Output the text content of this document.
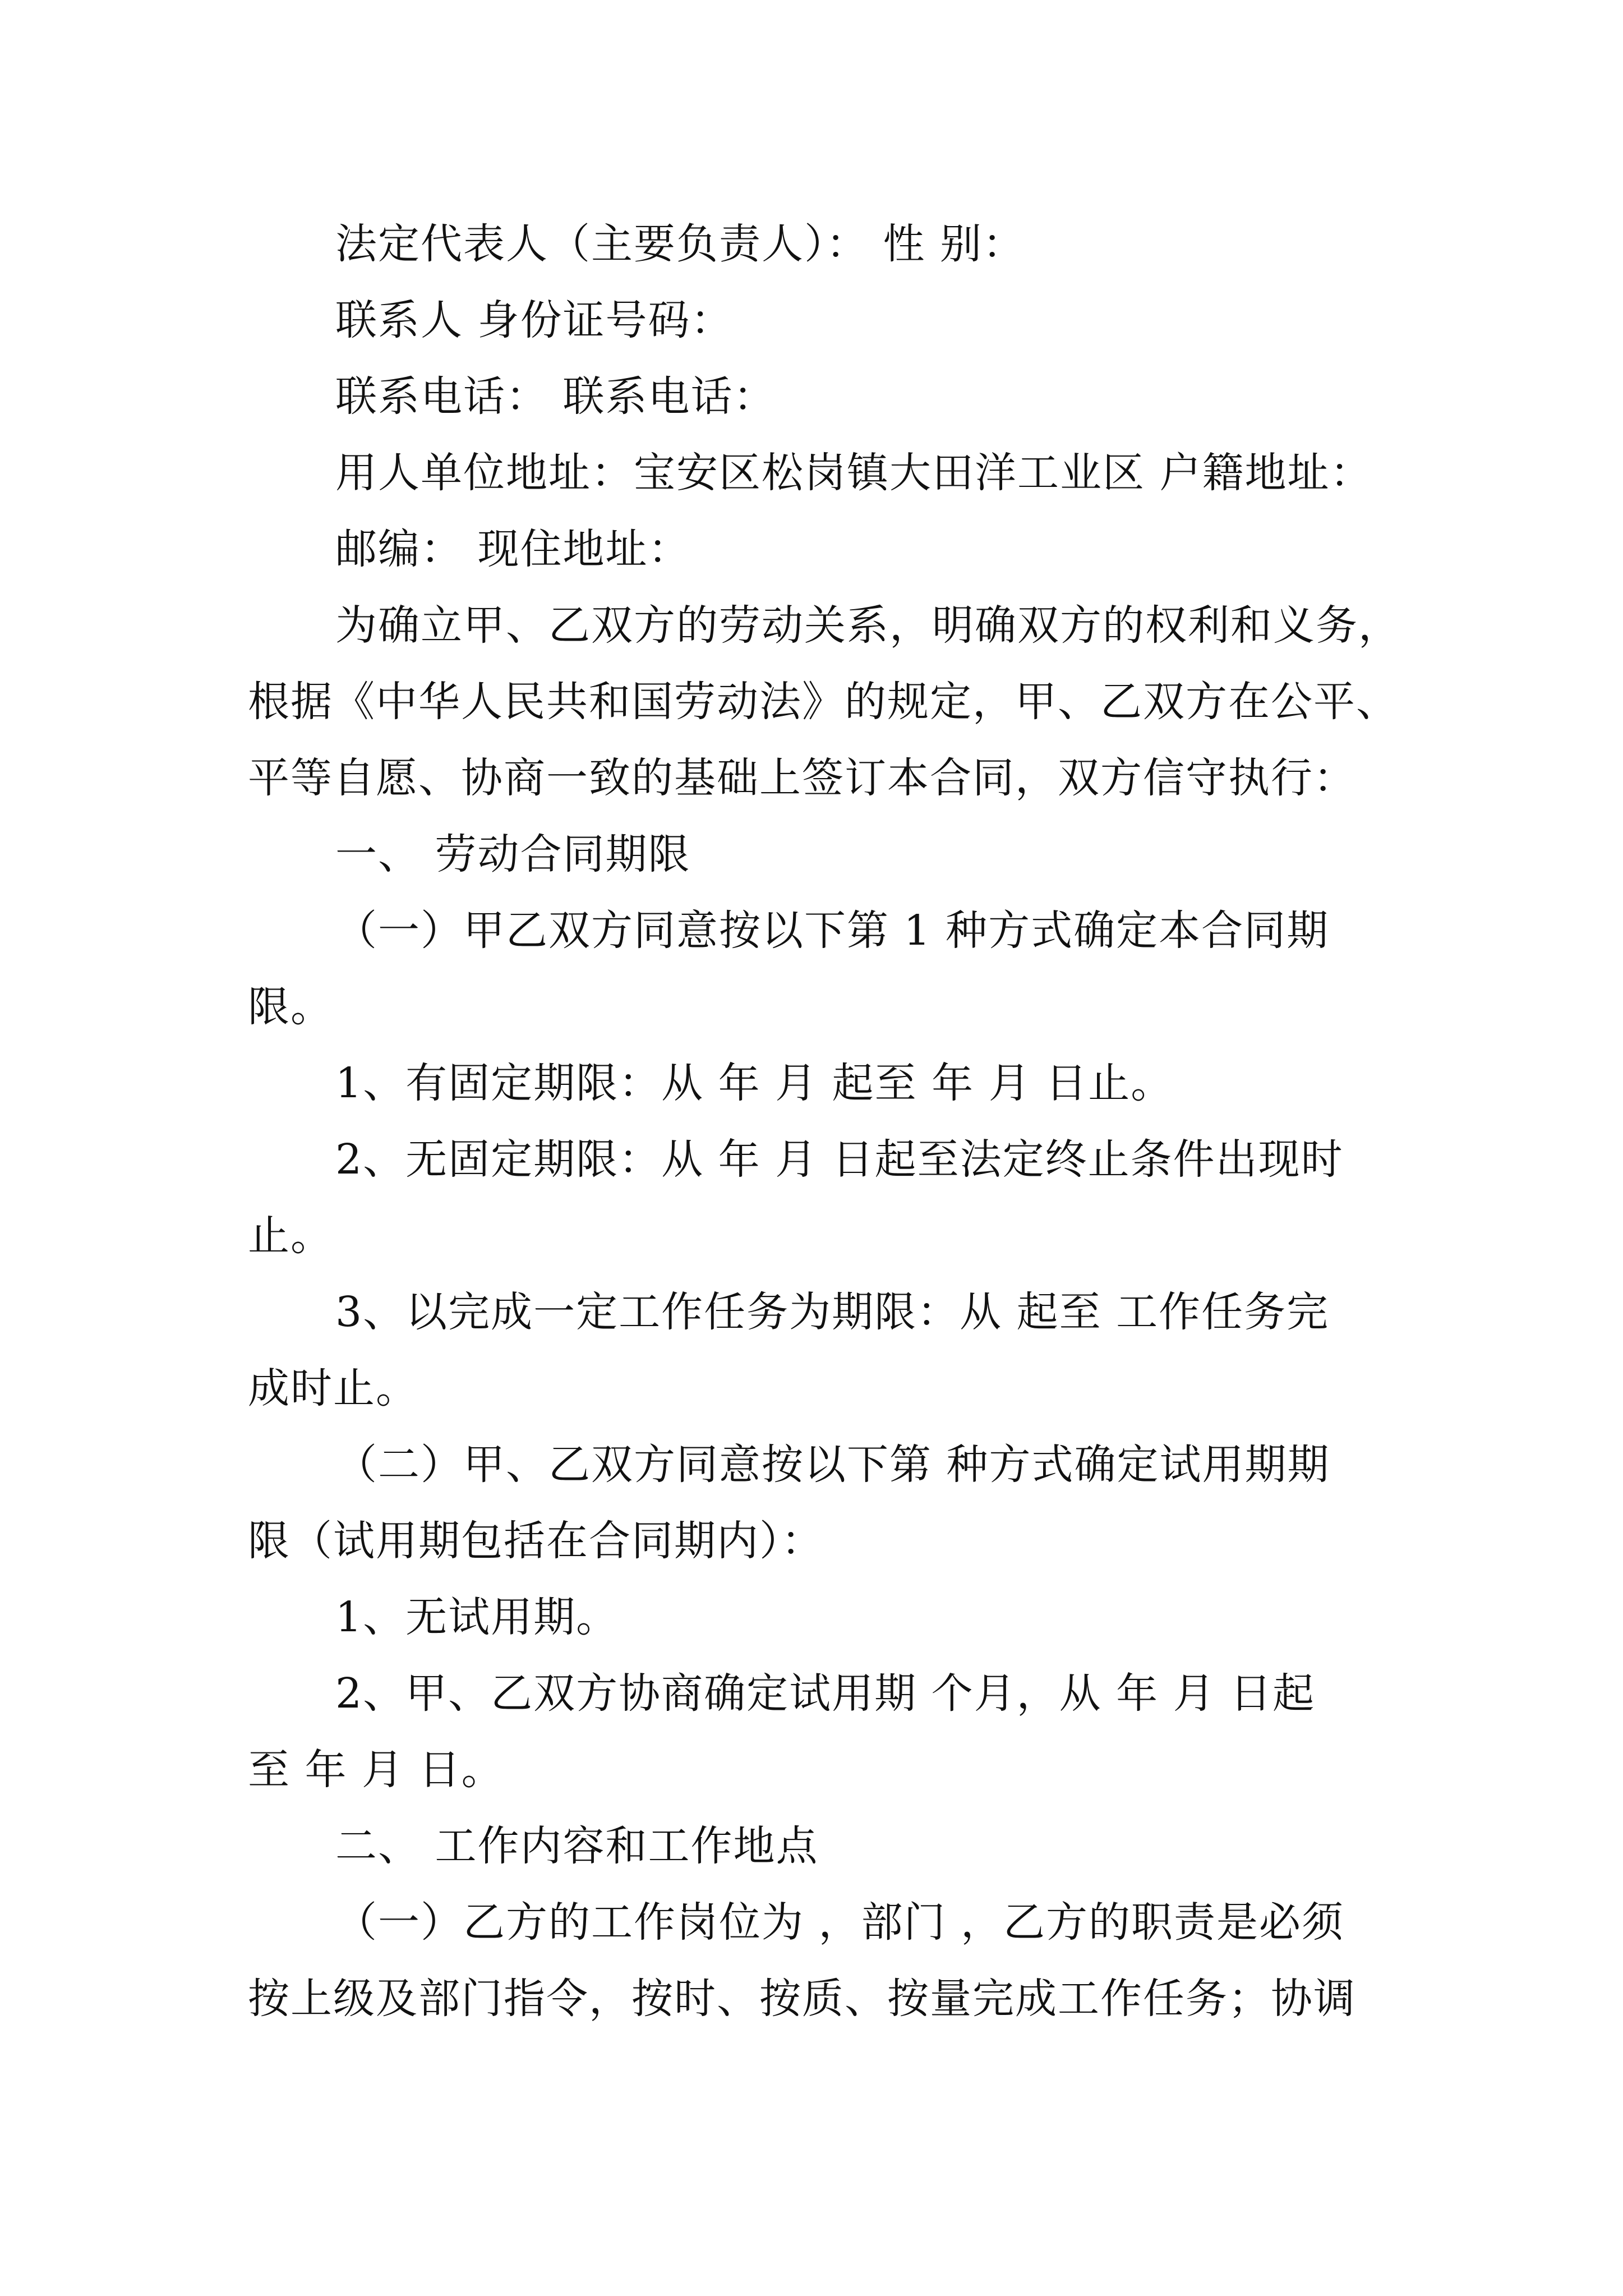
法定代表人（主要负责人）： 性 别：
联系人 身份证号码：
联系电话： 联系电话：
用人单位地址：宝安区松岗镇大田洋工业区 户籍地址：
邮编： 现住地址：
为确立甲、乙双方的劳动关系，明确双方的权利和义务，
根据《中华人民共和国劳动法》的规定，甲、乙双方在公平、
平等自愿、协商一致的基础上签订本合同，双方信守执行：
一、 劳动合同期限
（一）甲乙双方同意按以下第 1 种方式确定本合同期
限。
1、有固定期限：从 年 月 起至 年 月 日止。
2、无固定期限：从 年 月 日起至法定终止条件出现时
止。
3、以完成一定工作任务为期限：从 起至 工作任务完
成时止。
（二）甲、乙双方同意按以下第 种方式确定试用期期
限（试用期包括在合同期内）：
1、无试用期。
2、甲、乙双方协商确定试用期 个月，从 年 月 日起
至 年 月 日。
二、 工作内容和工作地点
（一）乙方的工作岗位为 ，部门 ，乙方的职责是必须
按上级及部门指令，按时、按质、按量完成工作任务；协调
